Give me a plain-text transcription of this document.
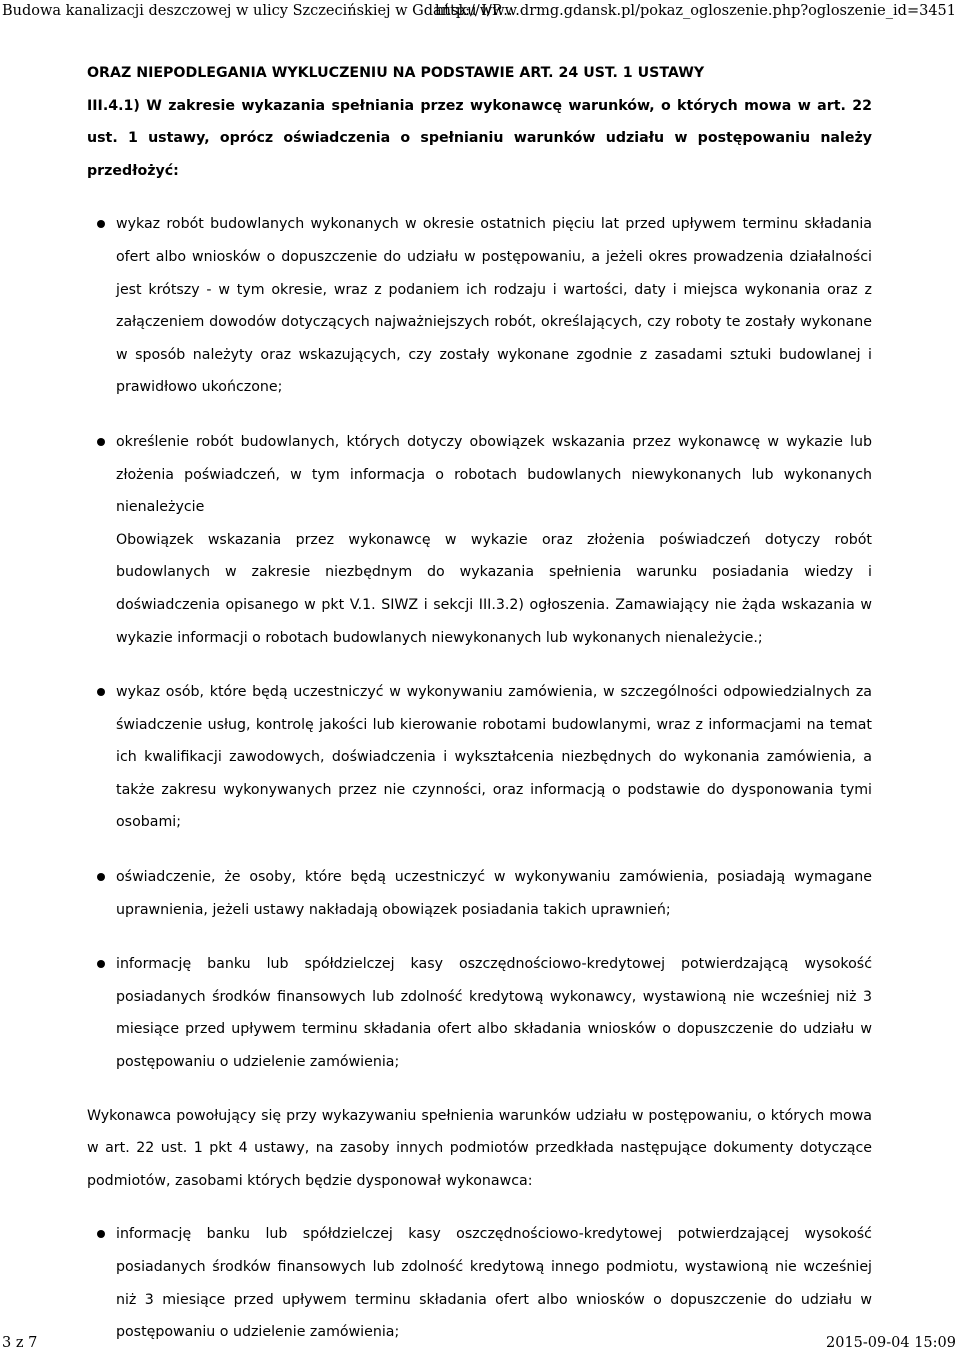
Budowa kanalizacji deszczowej w ulicy Szczecińskiej w Gdańsku I/P...
http://www.drmg.gdansk.pl/pokaz_ogloszenie.php?ogloszenie_id=3451

ORAZ NIEPODLEGANIA WYKLUCZENIU NA PODSTAWIE ART. 24 UST. 1 USTAWY

III.4.1) W zakresie wykazania spełniania przez wykonawcę warunków, o których mowa w art. 22 ust. 1 ustawy, oprócz oświadczenia o spełnianiu warunków udziału w postępowaniu należy przedłożyć:

wykaz robót budowlanych wykonanych w okresie ostatnich pięciu lat przed upływem terminu składania ofert albo wniosków o dopuszczenie do udziału w postępowaniu, a jeżeli okres prowadzenia działalności jest krótszy - w tym okresie, wraz z podaniem ich rodzaju i wartości, daty i miejsca wykonania oraz z załączeniem dowodów dotyczących najważniejszych robót, określających, czy roboty te zostały wykonane w sposób należyty oraz wskazujących, czy zostały wykonane zgodnie z zasadami sztuki budowlanej i prawidłowo ukończone;
określenie robót budowlanych, których dotyczy obowiązek wskazania przez wykonawcę w wykazie lub złożenia poświadczeń, w tym informacja o robotach budowlanych niewykonanych lub wykonanych nienależycie
Obowiązek wskazania przez wykonawcę w wykazie oraz złożenia poświadczeń dotyczy robót budowlanych w zakresie niezbędnym do wykazania spełnienia warunku posiadania wiedzy i doświadczenia opisanego w pkt V.1. SIWZ i sekcji III.3.2) ogłoszenia. Zamawiający nie żąda wskazania w wykazie informacji o robotach budowlanych niewykonanych lub wykonanych nienależycie.;
wykaz osób, które będą uczestniczyć w wykonywaniu zamówienia, w szczególności odpowiedzialnych za świadczenie usług, kontrolę jakości lub kierowanie robotami budowlanymi, wraz z informacjami na temat ich kwalifikacji zawodowych, doświadczenia i wykształcenia niezbędnych do wykonania zamówienia, a także zakresu wykonywanych przez nie czynności, oraz informacją o podstawie do dysponowania tymi osobami;
oświadczenie, że osoby, które będą uczestniczyć w wykonywaniu zamówienia, posiadają wymagane uprawnienia, jeżeli ustawy nakładają obowiązek posiadania takich uprawnień;
informację banku lub spółdzielczej kasy oszczędnościowo-kredytowej potwierdzającą wysokość posiadanych środków finansowych lub zdolność kredytową wykonawcy, wystawioną nie wcześniej niż 3 miesiące przed upływem terminu składania ofert albo składania wniosków o dopuszczenie do udziału w postępowaniu o udzielenie zamówienia;

Wykonawca powołujący się przy wykazywaniu spełnienia warunków udziału w postępowaniu, o których mowa w art. 22 ust. 1 pkt 4 ustawy, na zasoby innych podmiotów przedkłada następujące dokumenty dotyczące podmiotów, zasobami których będzie dysponował wykonawca:

informację banku lub spółdzielczej kasy oszczędnościowo-kredytowej potwierdzającej wysokość posiadanych środków finansowych lub zdolność kredytową innego podmiotu, wystawioną nie wcześniej niż 3 miesiące przed upływem terminu składania ofert albo wniosków o dopuszczenie do udziału w postępowaniu o udzielenie zamówienia;
3 z 7	2015-09-04 15:09
